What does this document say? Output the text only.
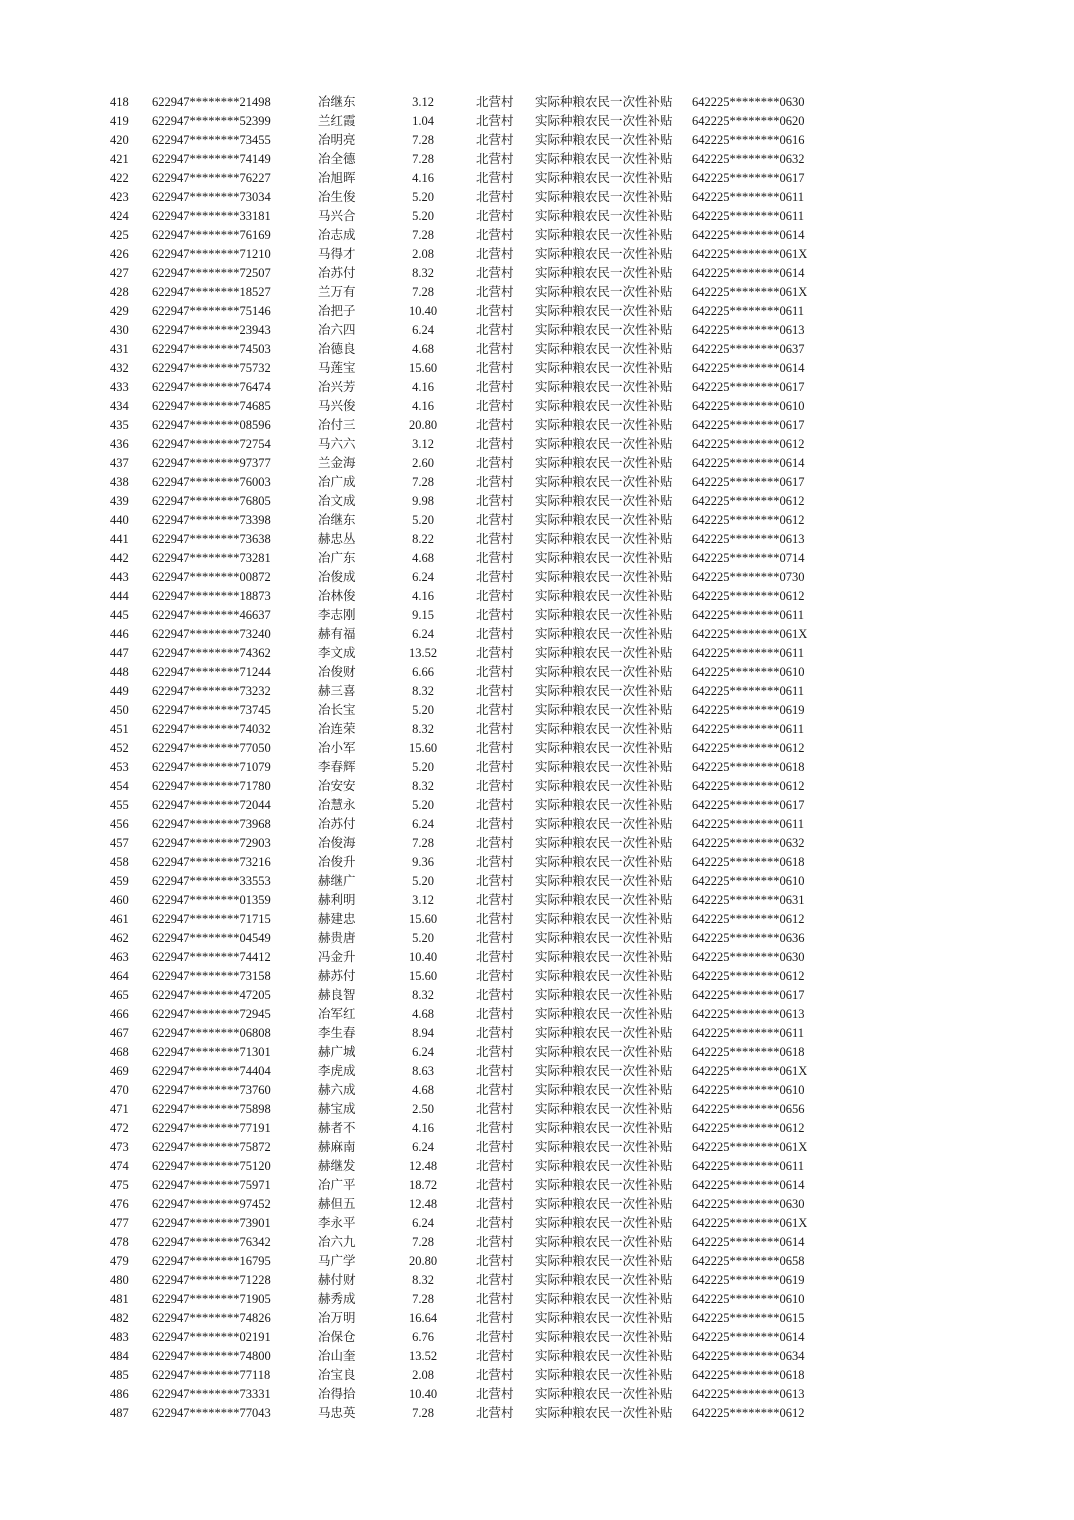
418 622947********21498	冶继东	3.12	北营村 实际种粮农民一次性补贴 642225********0630
419 622947********52399	兰红霞	1.04	北营村 实际种粮农民一次性补贴 642225********0620
420 622947********73455	冶明亮	7.28	北营村 实际种粮农民一次性补贴 642225********0616
421 622947********74149	冶全德	7.28	北营村 实际种粮农民一次性补贴 642225********0632
422 622947********76227	冶旭晖	4.16	北营村 实际种粮农民一次性补贴 642225********0617
423 622947********73034	冶生俊	5.20	北营村 实际种粮农民一次性补贴 642225********0611
424 622947********33181	马兴合	5.20	北营村 实际种粮农民一次性补贴 642225********0611
425 622947********76169	冶志成	7.28	北营村 实际种粮农民一次性补贴 642225********0614
426 622947********71210	马得才	2.08	北营村 实际种粮农民一次性补贴 642225********061X
427 622947********72507	冶苏付	8.32	北营村 实际种粮农民一次性补贴 642225********0614
428 622947********18527	兰万有	7.28	北营村 实际种粮农民一次性补贴 642225********061X
429 622947********75146	冶把子	10.40	北营村 实际种粮农民一次性补贴 642225********0611
430 622947********23943	冶六四	6.24	北营村 实际种粮农民一次性补贴 642225********0613
431 622947********74503	冶德良	4.68	北营村 实际种粮农民一次性补贴 642225********0637
432 622947********75732	马莲宝	15.60	北营村 实际种粮农民一次性补贴 642225********0614
433 622947********76474	冶兴芳	4.16	北营村 实际种粮农民一次性补贴 642225********0617
434 622947********74685	马兴俊	4.16	北营村 实际种粮农民一次性补贴 642225********0610
435 622947********08596	冶付三	20.80	北营村 实际种粮农民一次性补贴 642225********0617
436 622947********72754	马六六	3.12	北营村 实际种粮农民一次性补贴 642225********0612
437 622947********97377	兰金海	2.60	北营村 实际种粮农民一次性补贴 642225********0614
438 622947********76003	冶广成	7.28	北营村 实际种粮农民一次性补贴 642225********0617
439 622947********76805	冶文成	9.98	北营村 实际种粮农民一次性补贴 642225********0612
440 622947********73398	冶继东	5.20	北营村 实际种粮农民一次性补贴 642225********0612
441 622947********73638	赫忠丛	8.22	北营村 实际种粮农民一次性补贴 642225********0613
442 622947********73281	冶广东	4.68	北营村 实际种粮农民一次性补贴 642225********0714
443 622947********00872	冶俊成	6.24	北营村 实际种粮农民一次性补贴 642225********0730
444 622947********18873	冶林俊	4.16	北营村 实际种粮农民一次性补贴 642225********0612
445 622947********46637	李志刚	9.15	北营村 实际种粮农民一次性补贴 642225********0611
446 622947********73240	赫有福	6.24	北营村 实际种粮农民一次性补贴 642225********061X
447 622947********74362	李文成	13.52	北营村 实际种粮农民一次性补贴 642225********0611
448 622947********71244	冶俊财	6.66	北营村 实际种粮农民一次性补贴 642225********0610
449 622947********73232	赫三喜	8.32	北营村 实际种粮农民一次性补贴 642225********0611
450 622947********73745	冶长宝	5.20	北营村 实际种粮农民一次性补贴 642225********0619
451 622947********74032	冶连荣	8.32	北营村 实际种粮农民一次性补贴 642225********0611
452 622947********77050	冶小军	15.60	北营村 实际种粮农民一次性补贴 642225********0612
453 622947********71079	李春辉	5.20	北营村 实际种粮农民一次性补贴 642225********0618
454 622947********71780	冶安安	8.32	北营村 实际种粮农民一次性补贴 642225********0612
455 622947********72044	冶慧永	5.20	北营村 实际种粮农民一次性补贴 642225********0617
456 622947********73968	冶苏付	6.24	北营村 实际种粮农民一次性补贴 642225********0611
457 622947********72903	冶俊海	7.28	北营村 实际种粮农民一次性补贴 642225********0632
458 622947********73216	冶俊升	9.36	北营村 实际种粮农民一次性补贴 642225********0618
459 622947********33553	赫继广	5.20	北营村 实际种粮农民一次性补贴 642225********0610
460 622947********01359	赫利明	3.12	北营村 实际种粮农民一次性补贴 642225********0631
461 622947********71715	赫建忠	15.60	北营村 实际种粮农民一次性补贴 642225********0612
462 622947********04549	赫贵唐	5.20	北营村 实际种粮农民一次性补贴 642225********0636
463 622947********74412	冯金升	10.40	北营村 实际种粮农民一次性补贴 642225********0630
464 622947********73158	赫苏付	15.60	北营村 实际种粮农民一次性补贴 642225********0612
465 622947********47205	赫良智	8.32	北营村 实际种粮农民一次性补贴 642225********0617
466 622947********72945	冶军红	4.68	北营村 实际种粮农民一次性补贴 642225********0613
467 622947********06808	李生春	8.94	北营村 实际种粮农民一次性补贴 642225********0611
468 622947********71301	赫广城	6.24	北营村 实际种粮农民一次性补贴 642225********0618
469 622947********74404	李虎成	8.63	北营村 实际种粮农民一次性补贴 642225********061X
470 622947********73760	赫六成	4.68	北营村 实际种粮农民一次性补贴 642225********0610
471 622947********75898	赫宝成	2.50	北营村 实际种粮农民一次性补贴 642225********0656
472 622947********77191	赫者不	4.16	北营村 实际种粮农民一次性补贴 642225********0612
473 622947********75872	赫麻南	6.24	北营村 实际种粮农民一次性补贴 642225********061X
474 622947********75120	赫继发	12.48	北营村 实际种粮农民一次性补贴 642225********0611
475 622947********75971	冶广平	18.72	北营村 实际种粮农民一次性补贴 642225********0614
476 622947********97452	赫但五	12.48	北营村 实际种粮农民一次性补贴 642225********0630
477 622947********73901	李永平	6.24	北营村 实际种粮农民一次性补贴 642225********061X
478 622947********76342	冶六九	7.28	北营村 实际种粮农民一次性补贴 642225********0614
479 622947********16795	马广学	20.80	北营村 实际种粮农民一次性补贴 642225********0658
480 622947********71228	赫付财	8.32	北营村 实际种粮农民一次性补贴 642225********0619
481 622947********71905	赫秀成	7.28	北营村 实际种粮农民一次性补贴 642225********0610
482 622947********74826	冶万明	16.64	北营村 实际种粮农民一次性补贴 642225********0615
483 622947********02191	冶保仓	6.76	北营村 实际种粮农民一次性补贴 642225********0614
484 622947********74800	冶山奎	13.52	北营村 实际种粮农民一次性补贴 642225********0634
485 622947********77118	冶宝良	2.08	北营村 实际种粮农民一次性补贴 642225********0618
486 622947********73331	冶得拾	10.40	北营村 实际种粮农民一次性补贴 642225********0613
487 622947********77043	马忠英	7.28	北营村 实际种粮农民一次性补贴 642225********0612
